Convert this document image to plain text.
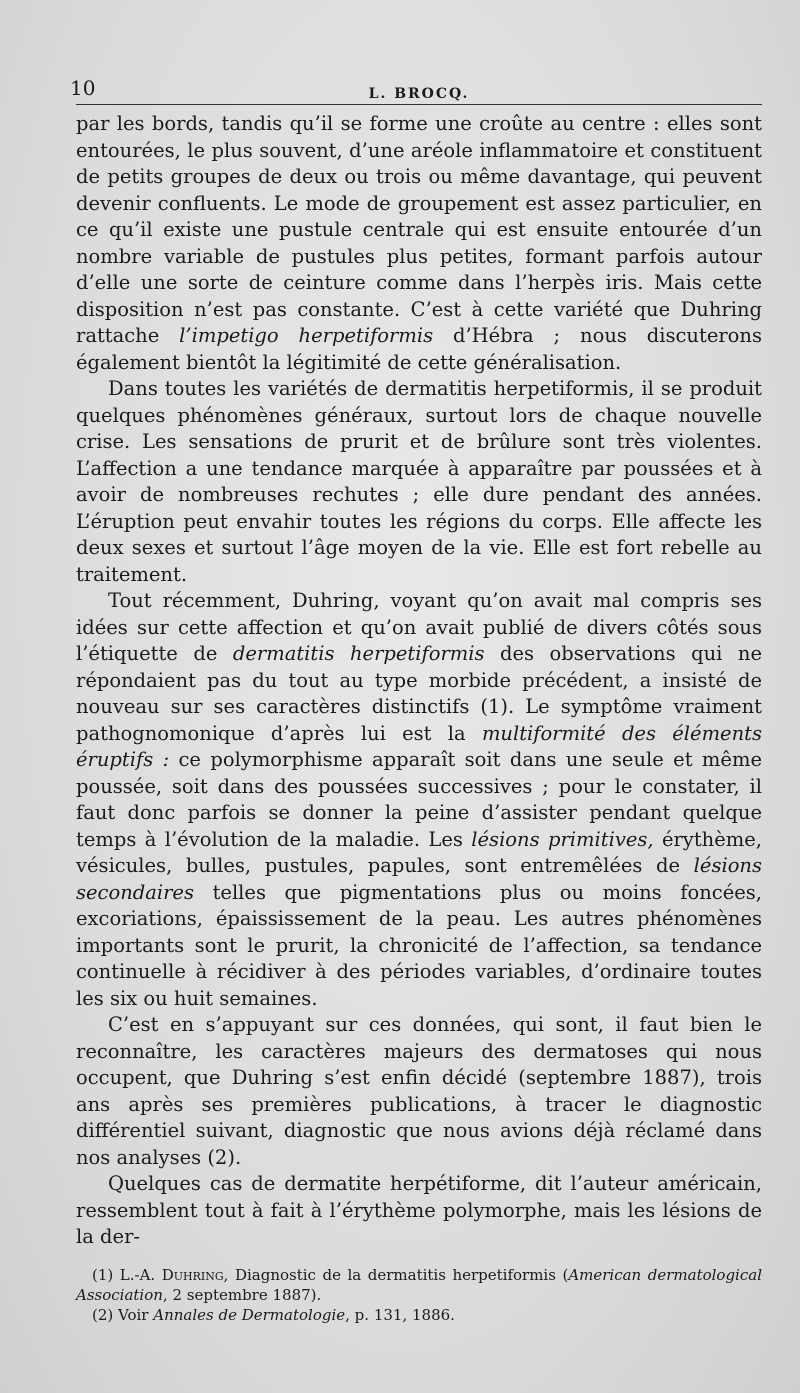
10	L. BROCQ.

par les bords, tandis qu’il se forme une croûte au centre : elles sont entourées, le plus souvent, d’une aréole inflammatoire et constituent de petits groupes de deux ou trois ou même davantage, qui peuvent devenir confluents. Le mode de groupement est assez particulier, en ce qu’il existe une pustule centrale qui est ensuite entourée d’un nombre variable de pustules plus petites, formant parfois autour d’elle une sorte de ceinture comme dans l’herpès iris. Mais cette disposition n’est pas constante. C’est à cette variété que Duhring rattache l’impetigo herpetiformis d’Hébra ; nous discuterons également bientôt la légitimité de cette généralisation.

Dans toutes les variétés de dermatitis herpetiformis, il se produit quelques phénomènes généraux, surtout lors de chaque nouvelle crise. Les sensations de prurit et de brûlure sont très violentes. L’affection a une tendance marquée à apparaître par poussées et à avoir de nombreuses rechutes ; elle dure pendant des années. L’éruption peut envahir toutes les régions du corps. Elle affecte les deux sexes et surtout l’âge moyen de la vie. Elle est fort rebelle au traitement.

Tout récemment, Duhring, voyant qu’on avait mal compris ses idées sur cette affection et qu’on avait publié de divers côtés sous l’étiquette de dermatitis herpetiformis des observations qui ne répondaient pas du tout au type morbide précédent, a insisté de nouveau sur ses caractères distinctifs (1). Le symptôme vraiment pathognomonique d’après lui est la multiformité des éléments éruptifs : ce polymorphisme apparaît soit dans une seule et même poussée, soit dans des poussées successives ; pour le constater, il faut donc parfois se donner la peine d’assister pendant quelque temps à l’évolution de la maladie. Les lésions primitives, érythème, vésicules, bulles, pustules, papules, sont entremêlées de lésions secondaires telles que pigmentations plus ou moins foncées, excoriations, épaississement de la peau. Les autres phénomènes importants sont le prurit, la chronicité de l’affection, sa tendance continuelle à récidiver à des périodes variables, d’ordinaire toutes les six ou huit semaines.

C’est en s’appuyant sur ces données, qui sont, il faut bien le reconnaître, les caractères majeurs des dermatoses qui nous occupent, que Duhring s’est enfin décidé (septembre 1887), trois ans après ses premières publications, à tracer le diagnostic différentiel suivant, diagnostic que nous avions déjà réclamé dans nos analyses (2).

Quelques cas de dermatite herpétiforme, dit l’auteur américain, ressemblent tout à fait à l’érythème polymorphe, mais les lésions de la der-

(1) L.-A. Duhring, Diagnostic de la dermatitis herpetiformis (American dermatological Association, 2 septembre 1887).

(2) Voir Annales de Dermatologie, p. 131, 1886.
